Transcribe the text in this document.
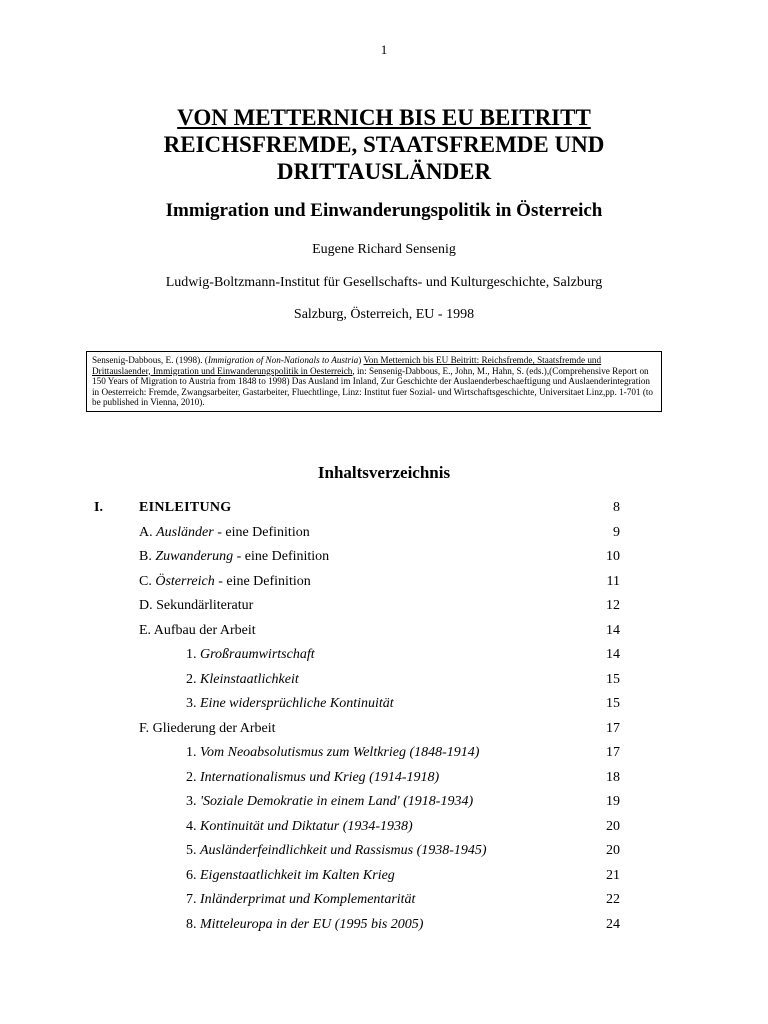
1
VON METTERNICH BIS EU BEITRITT
REICHSFREMDE, STAATSFREMDE UND
DRITTAUSLÄNDER
Immigration und Einwanderungspolitik in Österreich
Eugene Richard Sensenig
Ludwig-Boltzmann-Institut für Gesellschafts- und Kulturgeschichte, Salzburg
Salzburg, Österreich, EU - 1998
Sensenig-Dabbous, E. (1998). (Immigration of Non-Nationals to Austria) Von Metternich bis EU Beitritt: Reichsfremde, Staatsfremde und Drittauslaender, Immigration und Einwanderungspolitik in Oesterreich, in: Sensenig-Dabbous, E., John, M., Hahn, S. (eds.),(Comprehensive Report on 150 Years of Migration to Austria from 1848 to 1998) Das Ausland im Inland, Zur Geschichte der Auslaenderbeschaeftigung und Auslaenderintegration in Oesterreich: Fremde, Zwangsarbeiter, Gastarbeiter, Fluechtlinge, Linz: Institut fuer Sozial- und Wirtschaftsgeschichte, Universitaet Linz,pp. 1-701 (to be published in Vienna, 2010).
Inhaltsverzeichnis
I.	EINLEITUNG	8
A. Ausländer - eine Definition	9
B. Zuwanderung - eine Definition	10
C. Österreich - eine Definition	11
D. Sekundärliteratur	12
E. Aufbau der Arbeit	14
1. Großraumwirtschaft	14
2. Kleinstaatlichkeit	15
3. Eine widersprüchliche Kontinuität	15
F. Gliederung der Arbeit	17
1. Vom Neoabsolutismus zum Weltkrieg (1848-1914)	17
2. Internationalismus und Krieg (1914-1918)	18
3. 'Soziale Demokratie in einem Land' (1918-1934)	19
4. Kontinuität und Diktatur (1934-1938)	20
5. Ausländerfeindlichkeit und Rassismus (1938-1945)	20
6. Eigenstaatlichkeit im Kalten Krieg	21
7. Inländerprimat und Komplementarität	22
8. Mitteleuropa in der EU (1995 bis 2005)	24
